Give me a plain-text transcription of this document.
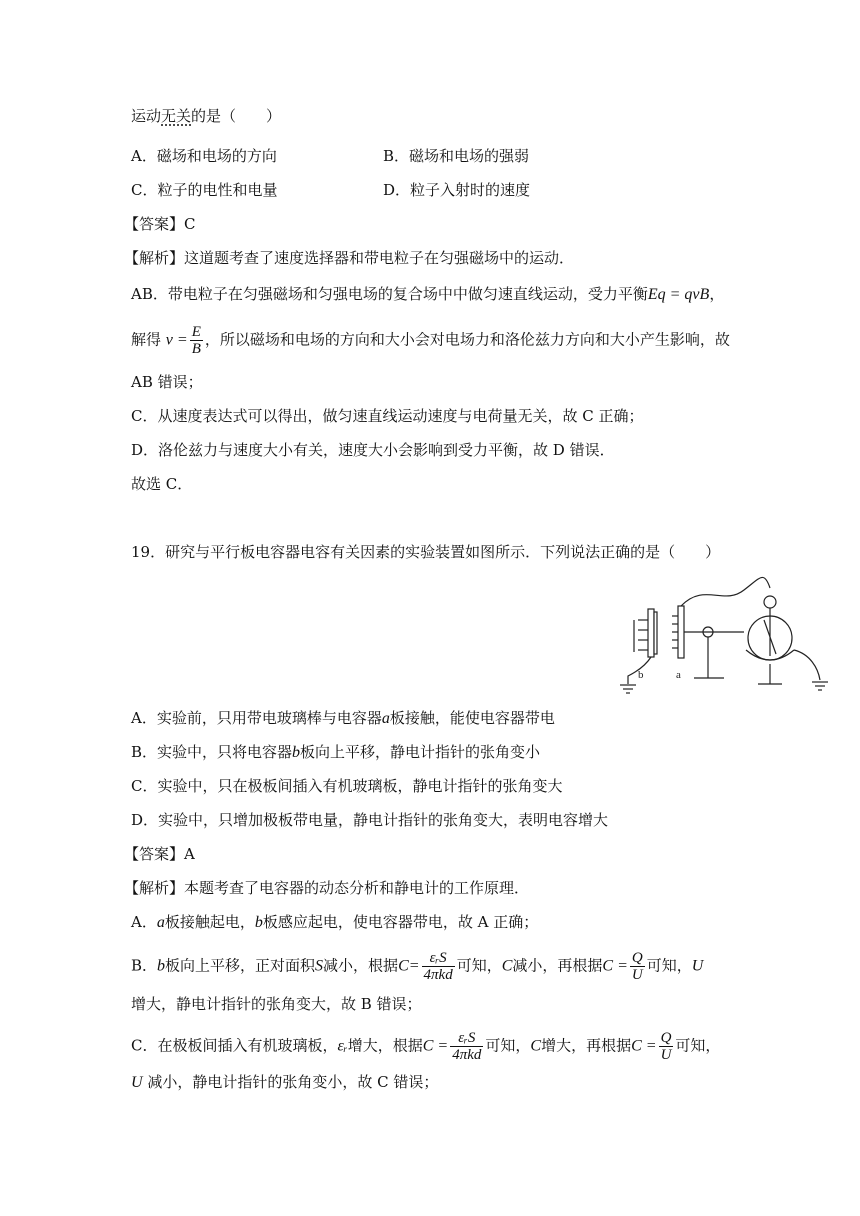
运动无关的是（　　）
A．磁场和电场的方向	B．磁场和电场的强弱
C．粒子的电性和电量	D．粒子入射时的速度
【答案】C
【解析】这道题考查了速度选择器和带电粒子在匀强磁场中的运动．
AB．带电粒子在匀强磁场和匀强电场的复合场中中做匀速直线运动，受力平衡Eq = qvB，
解得 $v = \frac{E}{B}$ ，所以磁场和电场的方向和大小会对电场力和洛伦兹力方向和大小产生影响，故
AB 错误；
C．从速度表达式可以得出，做匀速直线运动速度与电荷量无关，故 C 正确；
D．洛伦兹力与速度大小有关，速度大小会影响到受力平衡，故 D 错误．
故选 C．
19．研究与平行板电容器电容有关因素的实验装置如图所示．下列说法正确的是（　　）
b	a
A．实验前，只用带电玻璃棒与电容器a板接触，能使电容器带电
B．实验中，只将电容器b板向上平移，静电计指针的张角变小
C．实验中，只在极板间插入有机玻璃板，静电计指针的张角变大
D．实验中，只增加极板带电量，静电计指针的张角变大，表明电容增大
【答案】A
【解析】本题考查了电容器的动态分析和静电计的工作原理．
A．a板接触起电，b板感应起电，使电容器带电，故 A 正确；
B．b板向上平移，正对面积S减小，根据$C= \frac{\text{εᵣS}}{\text{4πkd}}$ 可知，C减小，再根据$C = \frac{Q}{U}$ 可知，U
增大，静电计指针的张角变大，故 B 错误；
C．在极板间插入有机玻璃板，εᵣ增大，根据$C = \frac{\text{εᵣS}}{\text{4πkd}}$ 可知，C增大，再根据$C = \frac{Q}{U}$ 可知，
U 减小，静电计指针的张角变小，故 C 错误；
